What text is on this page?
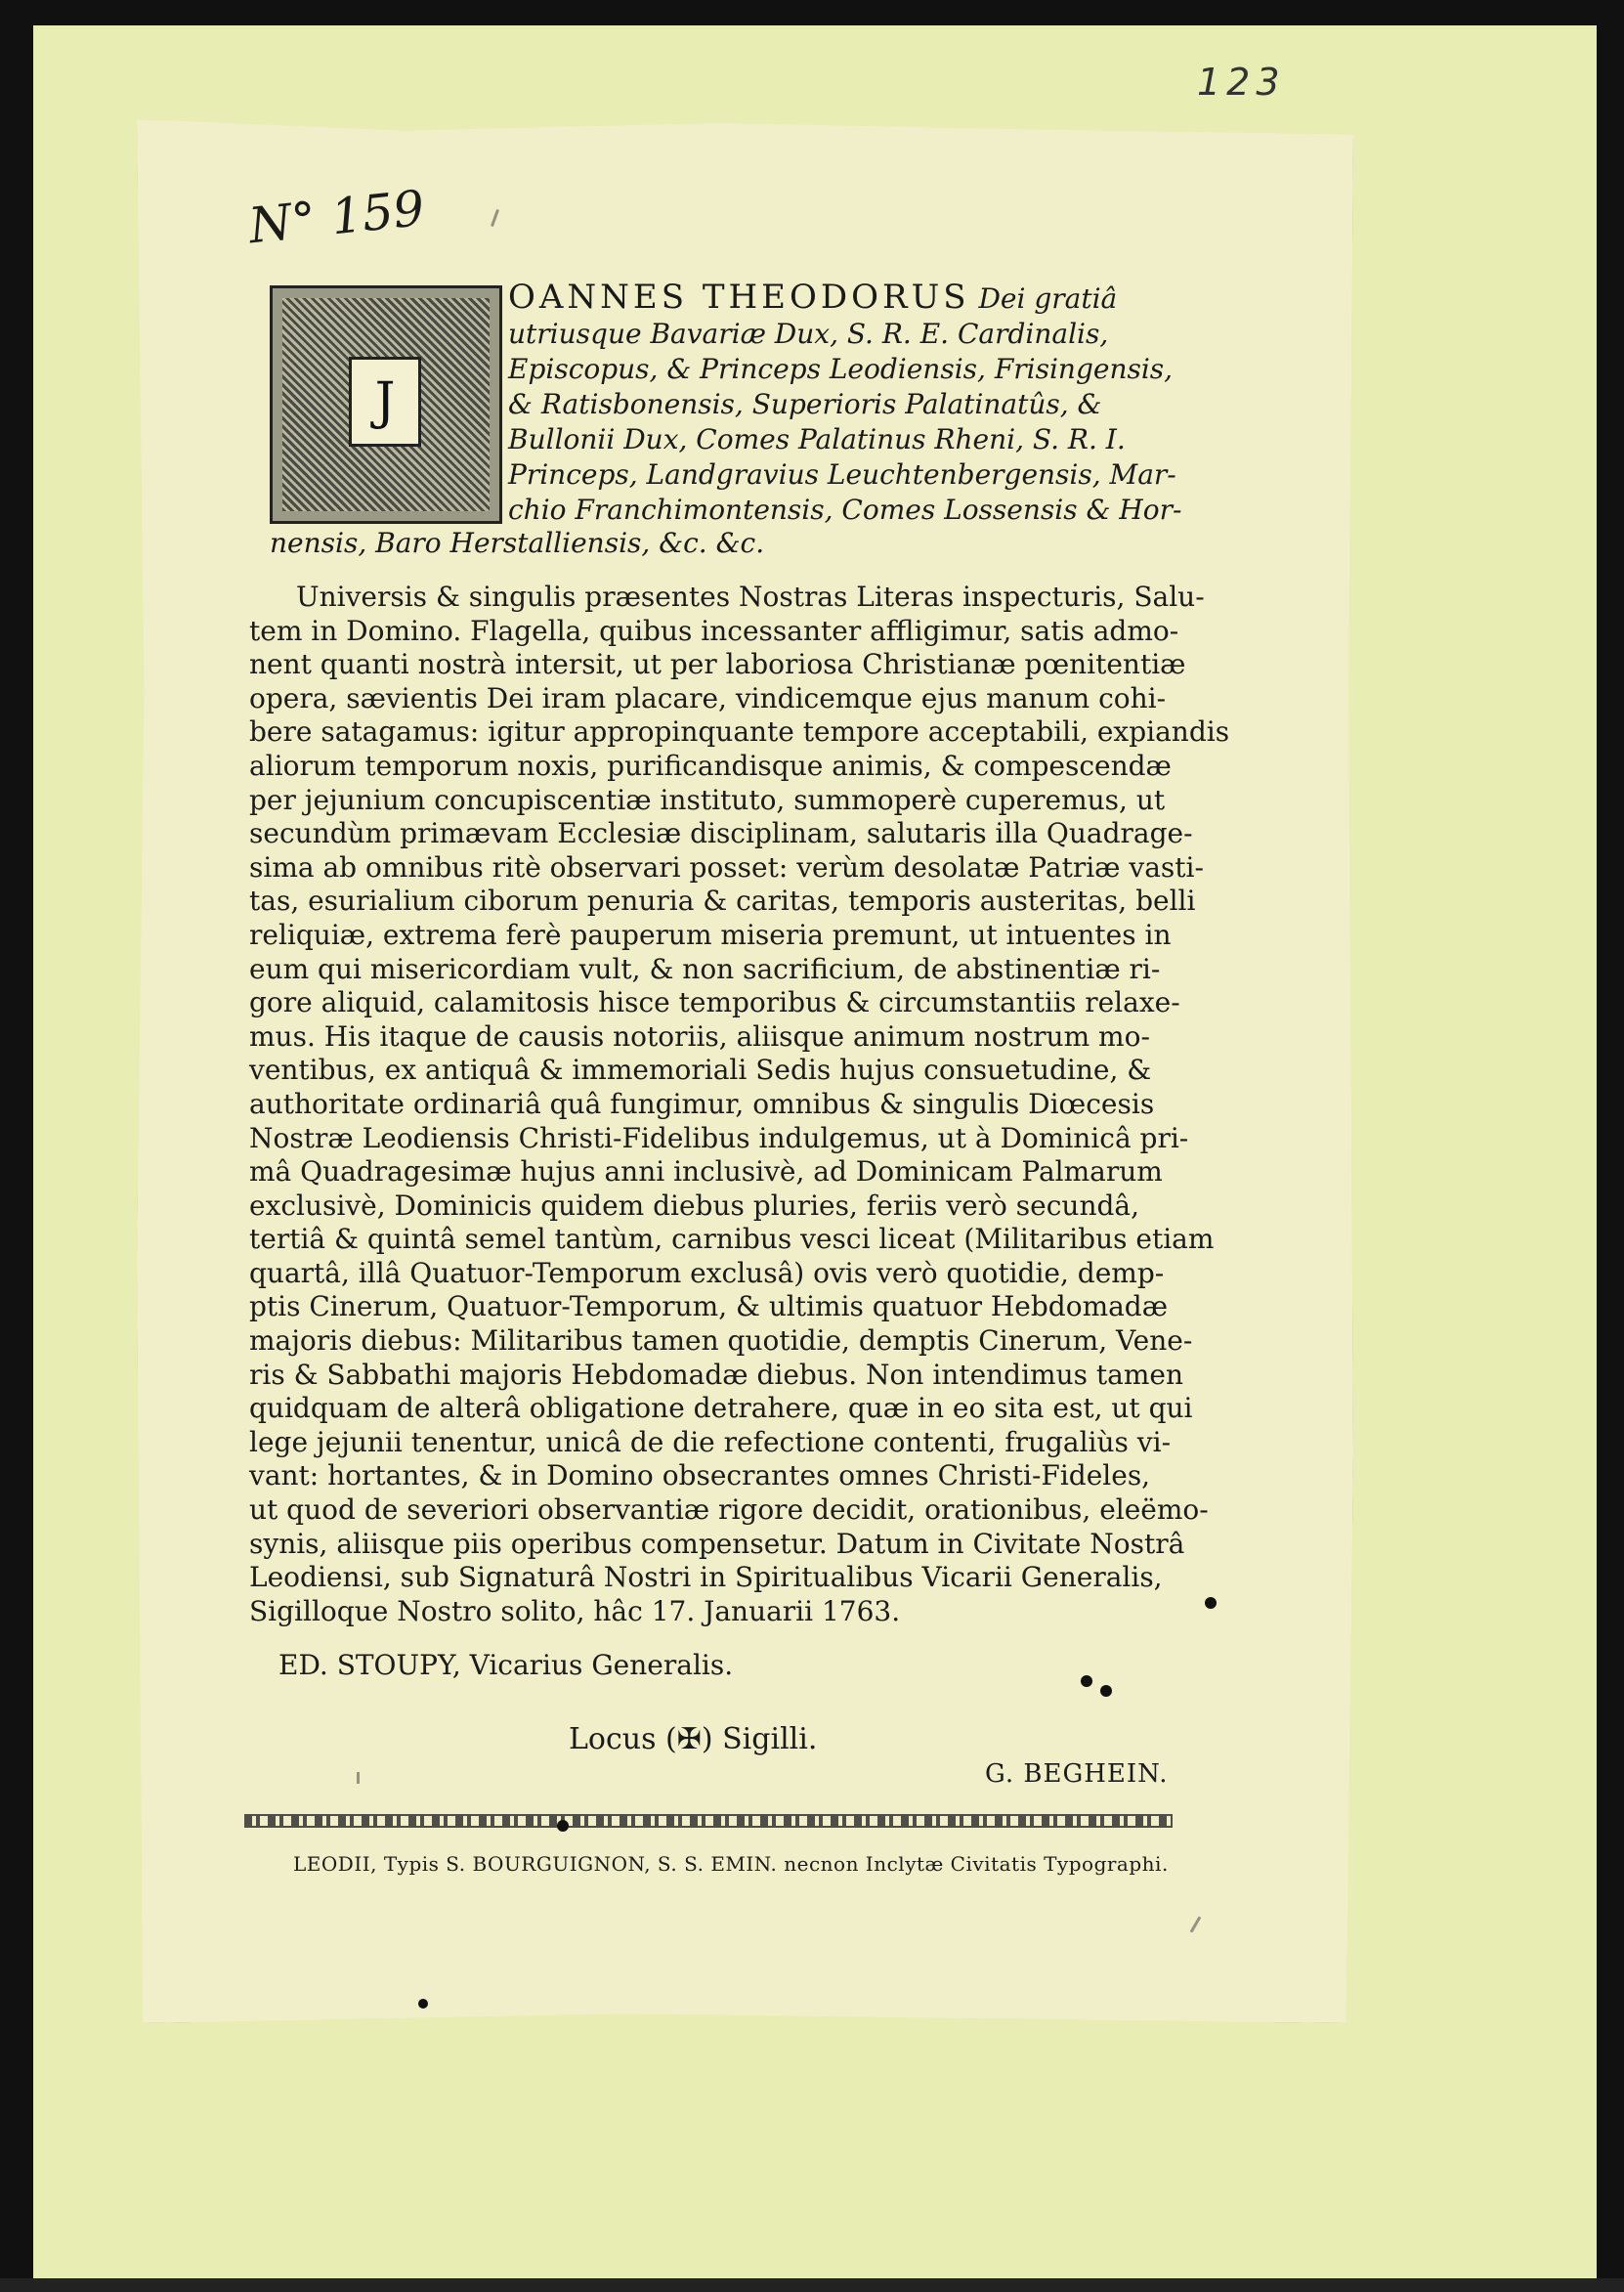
123
N° 159
J
OANNES THEODORUS Dei gratiâ
utriusque Bavariæ Dux, S. R. E. Cardinalis,
Episcopus, & Princeps Leodiensis, Frisingensis,
& Ratisbonensis, Superioris Palatinatûs, &
Bullonii Dux, Comes Palatinus Rheni, S. R. I.
Princeps, Landgravius Leuchtenbergensis, Mar-
chio Franchimontensis, Comes Lossensis & Hor-
nensis, Baro Herstalliensis, &c. &c.
Universis & singulis præsentes Nostras Literas inspecturis, Salu-
tem in Domino. Flagella, quibus incessanter affligimur, satis admo-
nent quanti nostrà intersit, ut per laboriosa Christianæ pœnitentiæ
opera, sævientis Dei iram placare, vindicemque ejus manum cohi-
bere satagamus: igitur appropinquante tempore acceptabili, expiandis
aliorum temporum noxis, purificandisque animis, & compescendæ
per jejunium concupiscentiæ instituto, summoperè cuperemus, ut
secundùm primævam Ecclesiæ disciplinam, salutaris illa Quadrage-
sima ab omnibus ritè observari posset: verùm desolatæ Patriæ vasti-
tas, esurialium ciborum penuria & caritas, temporis austeritas, belli
reliquiæ, extrema ferè pauperum miseria premunt, ut intuentes in
eum qui misericordiam vult, & non sacrificium, de abstinentiæ ri-
gore aliquid, calamitosis hisce temporibus & circumstantiis relaxe-
mus. His itaque de causis notoriis, aliisque animum nostrum mo-
ventibus, ex antiquâ & immemoriali Sedis hujus consuetudine, &
authoritate ordinariâ quâ fungimur, omnibus & singulis Diœcesis
Nostræ Leodiensis Christi-Fidelibus indulgemus, ut à Dominicâ pri-
mâ Quadragesimæ hujus anni inclusivè, ad Dominicam Palmarum
exclusivè, Dominicis quidem diebus pluries, feriis verò secundâ,
tertiâ & quintâ semel tantùm, carnibus vesci liceat (Militaribus etiam
quartâ, illâ Quatuor-Temporum exclusâ) ovis verò quotidie, demp-
ptis Cinerum, Quatuor-Temporum, & ultimis quatuor Hebdomadæ
majoris diebus: Militaribus tamen quotidie, demptis Cinerum, Vene-
ris & Sabbathi majoris Hebdomadæ diebus. Non intendimus tamen
quidquam de alterâ obligatione detrahere, quæ in eo sita est, ut qui
lege jejunii tenentur, unicâ de die refectione contenti, frugaliùs vi-
vant: hortantes, & in Domino obsecrantes omnes Christi-Fideles,
ut quod de severiori observantiæ rigore decidit, orationibus, eleëmo-
synis, aliisque piis operibus compensetur. Datum in Civitate Nostrâ
Leodiensi, sub Signaturâ Nostri in Spiritualibus Vicarii Generalis,
Sigilloque Nostro solito, hâc 17. Januarii 1763.
ED. STOUPY, Vicarius Generalis.
Locus (✠) Sigilli.
G. BEGHEIN.
LEODII, Typis S. BOURGUIGNON, S. S. EMIN. necnon Inclytæ Civitatis Typographi.
